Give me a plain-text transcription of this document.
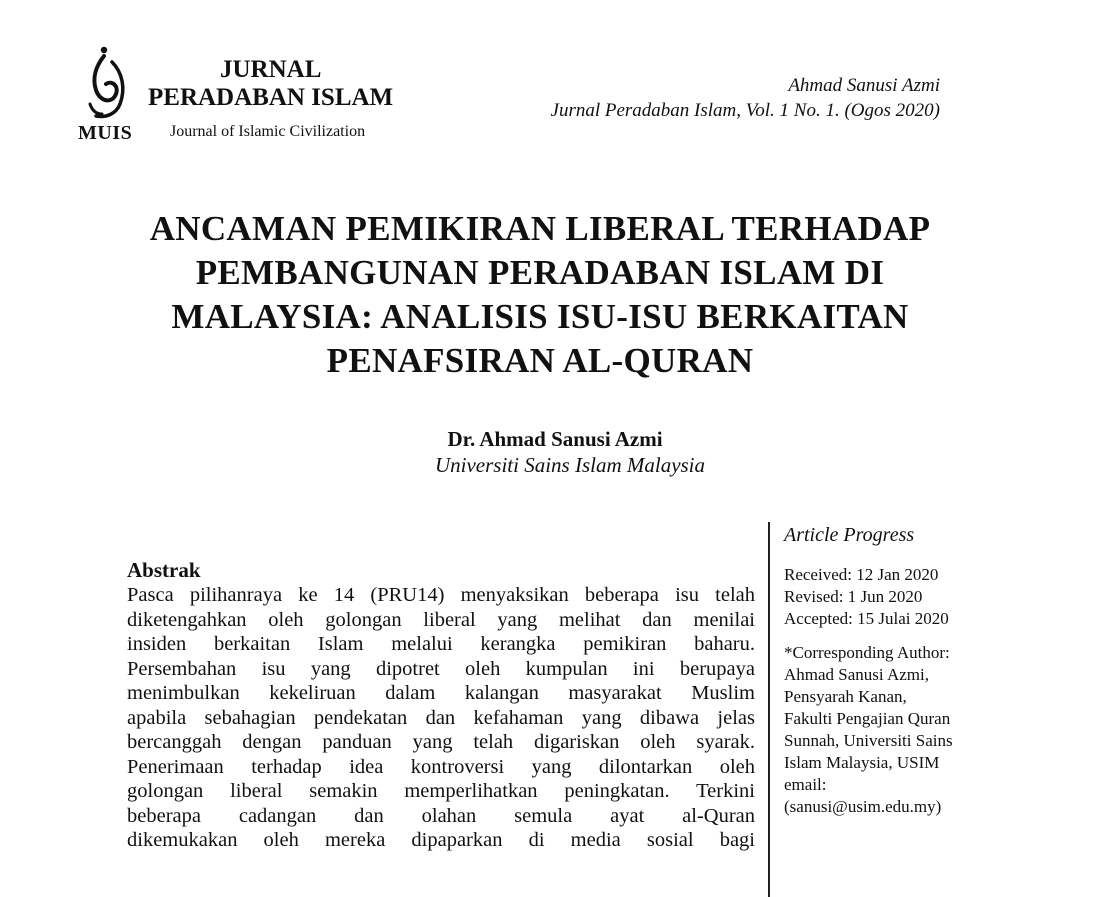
MUIS
JURNAL
PERADABAN ISLAM
Journal of Islamic Civilization
Ahmad Sanusi Azmi
Jurnal Peradaban Islam, Vol. 1 No. 1. (Ogos 2020)
ANCAMAN PEMIKIRAN LIBERAL TERHADAP
PEMBANGUNAN PERADABAN ISLAM DI
MALAYSIA: ANALISIS ISU-ISU BERKAITAN
PENAFSIRAN AL-QURAN
Dr. Ahmad Sanusi Azmi
Universiti Sains Islam Malaysia
Article Progress
Received: 12 Jan 2020
Revised: 1 Jun 2020
Accepted: 15 Julai 2020
*Corresponding Author:
Ahmad Sanusi Azmi,
Pensyarah Kanan,
Fakulti Pengajian Quran
Sunnah, Universiti Sains
Islam Malaysia, USIM
email:
(sanusi@usim.edu.my)
Abstrak
Pasca pilihanraya ke 14 (PRU14) menyaksikan beberapa isu telah
diketengahkan oleh golongan liberal yang melihat dan menilai
insiden berkaitan Islam melalui kerangka pemikiran baharu.
Persembahan isu yang dipotret oleh kumpulan ini berupaya
menimbulkan kekeliruan dalam kalangan masyarakat Muslim
apabila sebahagian pendekatan dan kefahaman yang dibawa jelas
bercanggah dengan panduan yang telah digariskan oleh syarak.
Penerimaan terhadap idea kontroversi yang dilontarkan oleh
golongan liberal semakin memperlihatkan peningkatan. Terkini
beberapa cadangan dan olahan semula ayat al-Quran
dikemukakan oleh mereka dipaparkan di media sosial bagi
